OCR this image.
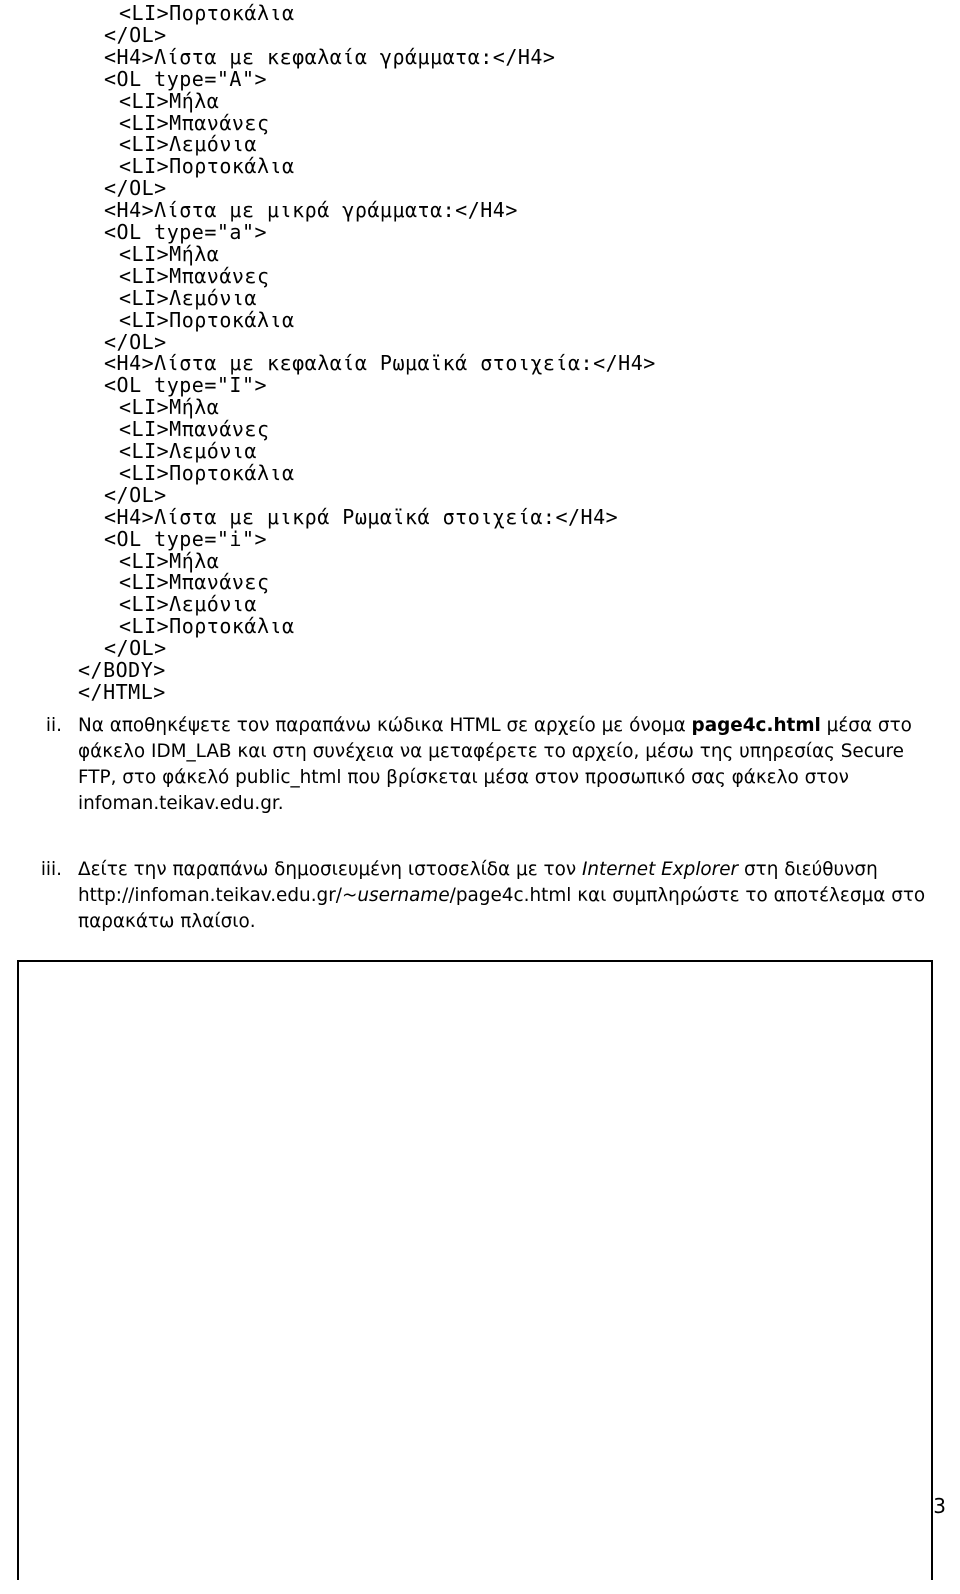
<LI>Πορτοκάλια
</OL>
<H4>Λίστα με κεφαλαία γράμματα:</H4>
<OL type="A">
<LI>Μήλα
<LI>Μπανάνες
<LI>Λεμόνια
<LI>Πορτοκάλια
</OL>
<H4>Λίστα με μικρά γράμματα:</H4>
<OL type="a">
<LI>Μήλα
<LI>Μπανάνες
<LI>Λεμόνια
<LI>Πορτοκάλια
</OL>
<H4>Λίστα με κεφαλαία Ρωμαϊκά στοιχεία:</H4>
<OL type="I">
<LI>Μήλα
<LI>Μπανάνες
<LI>Λεμόνια
<LI>Πορτοκάλια
</OL>
<H4>Λίστα με μικρά Ρωμαϊκά στοιχεία:</H4>
<OL type="i">
<LI>Μήλα
<LI>Μπανάνες
<LI>Λεμόνια
<LI>Πορτοκάλια
</OL>
</BODY>
</HTML>
ii. Να αποθηκέψετε τον παραπάνω κώδικα HTML σε αρχείο με όνομα page4c.html μέσα στο
φάκελο IDM_LAB και στη συνέχεια να μεταφέρετε το αρχείο, μέσω της υπηρεσίας Secure
FTP, στο φάκελό public_html που βρίσκεται μέσα στον προσωπικό σας φάκελο στον
infoman.teikav.edu.gr.
iii. Δείτε την παραπάνω δημοσιευμένη ιστοσελίδα με τον Internet Explorer στη διεύθυνση
http://infoman.teikav.edu.gr/~username/page4c.html και συμπληρώστε το αποτέλεσμα στο
παρακάτω πλαίσιο.
3
